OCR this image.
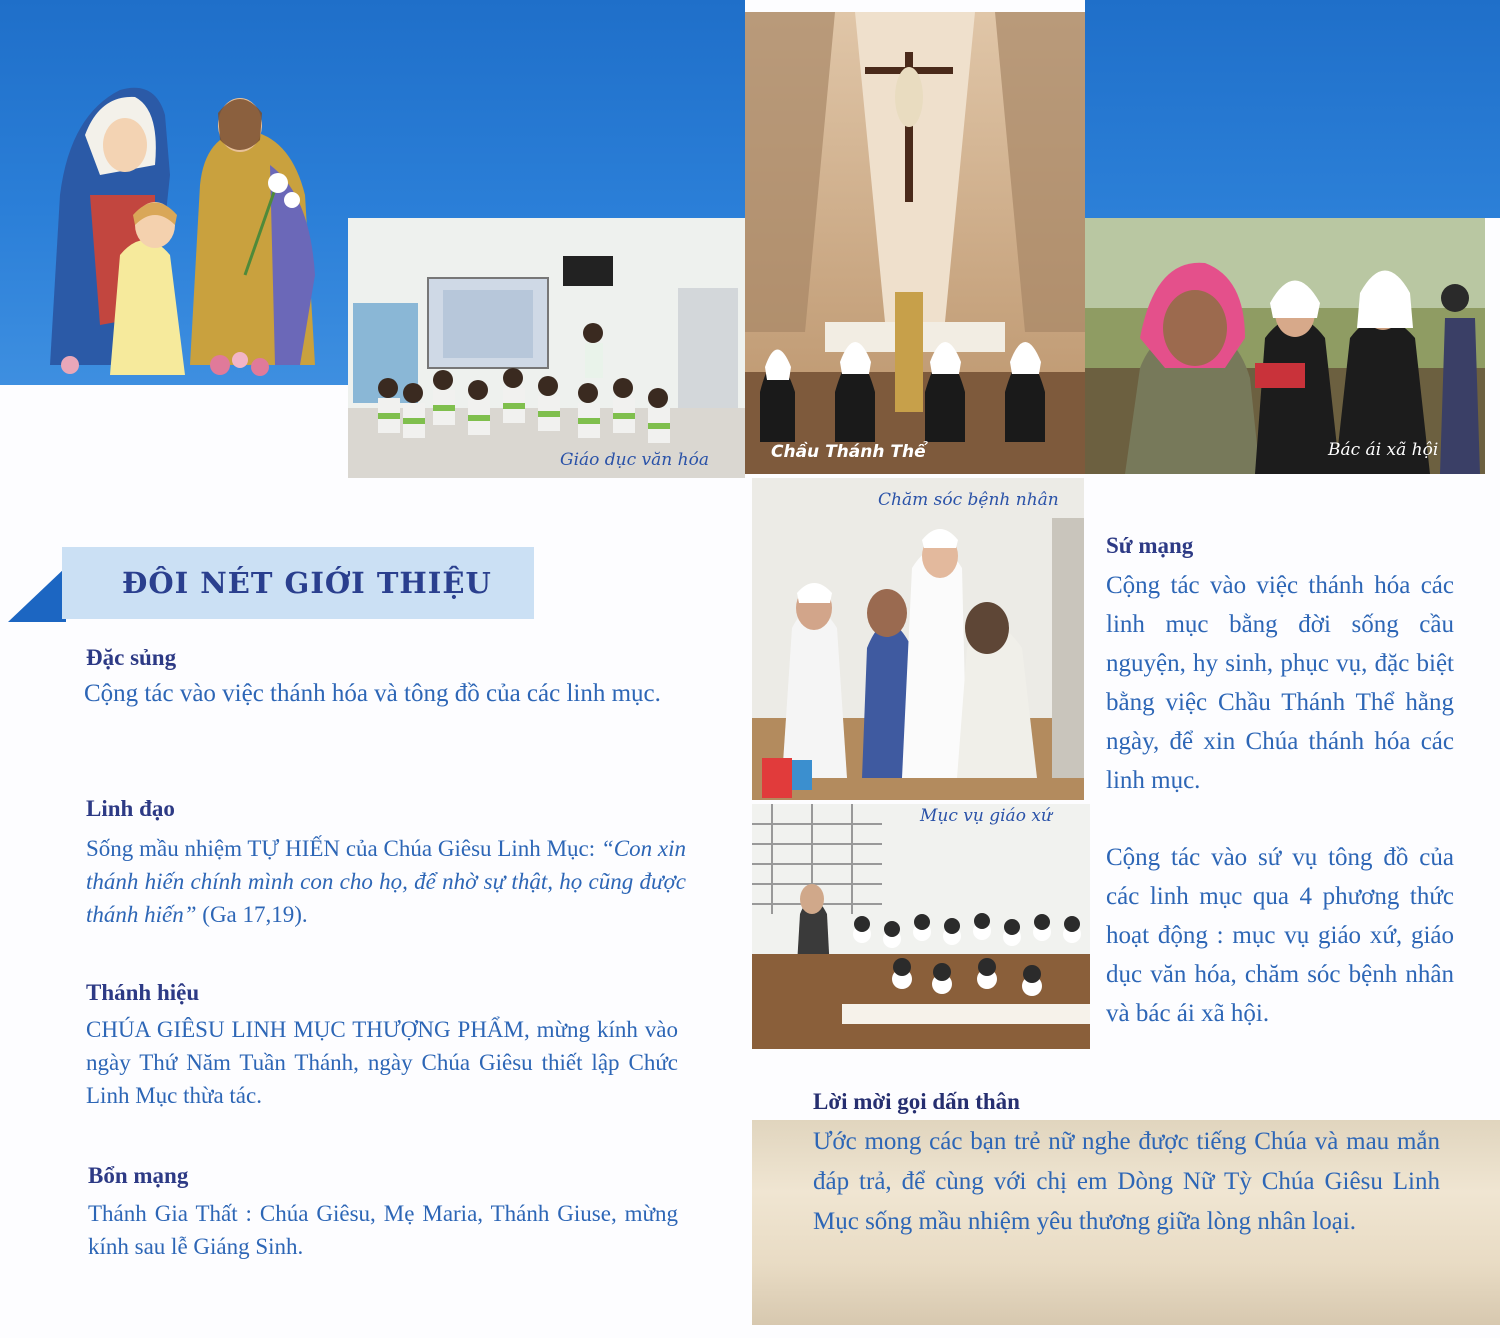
Giáo dục văn hóa	Chầu Thánh Thể	Bác ái xã hội
Chăm sóc bệnh nhân
Mục vụ giáo xứ
ĐÔI NÉT GIỚI THIỆU
Đặc sủng
Cộng tác vào việc thánh hóa và tông đồ của các linh mục.
Linh đạo
Sống mầu nhiệm TỰ HIẾN của Chúa Giêsu Linh Mục: “Con xin thánh hiến chính mình con cho họ, để nhờ sự thật, họ cũng được thánh hiến” (Ga 17,19).
Thánh hiệu
CHÚA GIÊSU LINH MỤC THƯỢNG PHẨM, mừng kính vào ngày Thứ Năm Tuần Thánh, ngày Chúa Giêsu thiết lập Chức Linh Mục thừa tác.
Bổn mạng
Thánh Gia Thất : Chúa Giêsu, Mẹ Maria, Thánh Giuse, mừng kính sau lễ Giáng Sinh.
Sứ mạng
Cộng tác vào việc thánh hóa các linh mục bằng đời sống cầu nguyện, hy sinh, phục vụ, đặc biệt bằng việc Chầu Thánh Thể hằng ngày, để xin Chúa thánh hóa các linh mục.
Cộng tác vào sứ vụ tông đồ của các linh mục qua 4 phương thức hoạt động : mục vụ giáo xứ, giáo dục văn hóa, chăm sóc bệnh nhân và bác ái xã hội.
Lời mời gọi dấn thân
Ước mong các bạn trẻ nữ nghe được tiếng Chúa và mau mắn đáp trả, để cùng với chị em Dòng Nữ Tỳ Chúa Giêsu Linh Mục sống mầu nhiệm yêu thương giữa lòng nhân loại.
